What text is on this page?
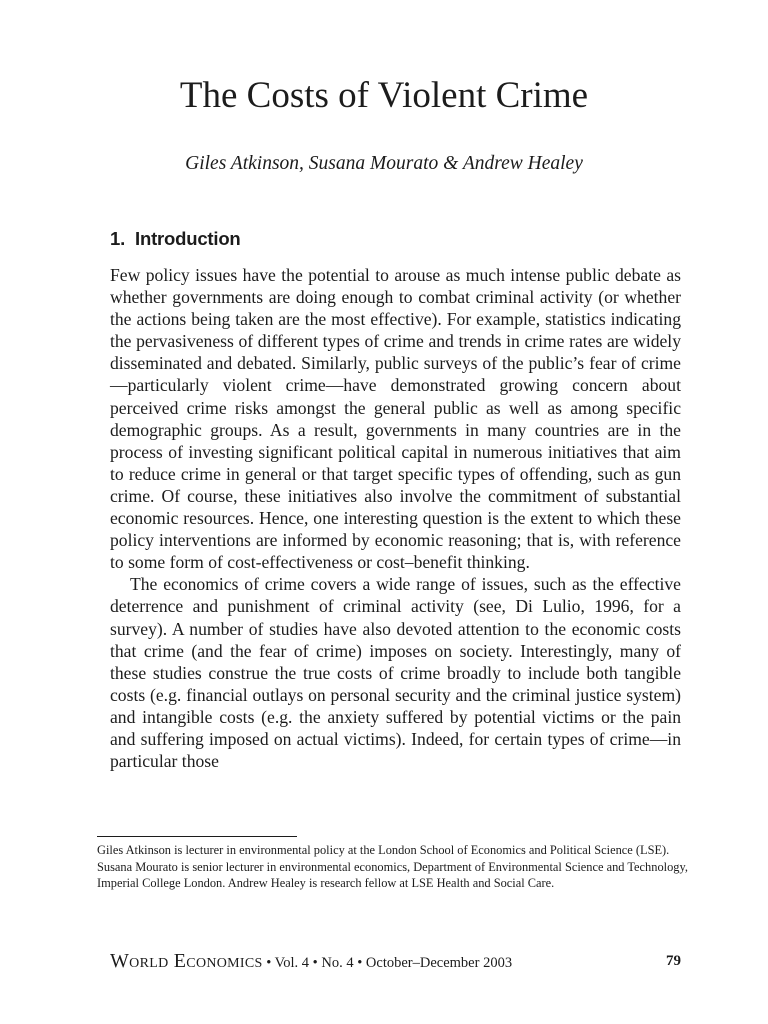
The Costs of Violent Crime

Giles Atkinson, Susana Mourato & Andrew Healey

1. Introduction

Few policy issues have the potential to arouse as much intense public debate as whether governments are doing enough to combat criminal activity (or whether the actions being taken are the most effective). For example, statistics indicating the pervasiveness of different types of crime and trends in crime rates are widely disseminated and debated. Similarly, public surveys of the public’s fear of crime—particularly violent crime—have demonstrated growing concern about perceived crime risks amongst the general public as well as among specific demographic groups. As a result, governments in many countries are in the process of investing significant political capital in numerous initiatives that aim to reduce crime in general or that target specific types of offending, such as gun crime. Of course, these initiatives also involve the commitment of substantial economic resources. Hence, one interesting question is the extent to which these policy interventions are informed by economic reasoning; that is, with reference to some form of cost-effectiveness or cost–benefit thinking.

The economics of crime covers a wide range of issues, such as the effective deterrence and punishment of criminal activity (see, Di Lulio, 1996, for a survey). A number of studies have also devoted attention to the economic costs that crime (and the fear of crime) imposes on society. Interestingly, many of these studies construe the true costs of crime broadly to include both tangible costs (e.g. financial outlays on personal security and the criminal justice system) and intangible costs (e.g. the anxiety suffered by potential victims or the pain and suffering imposed on actual victims). Indeed, for certain types of crime—in particular those

Giles Atkinson is lecturer in environmental policy at the London School of Economics and Political Science (LSE). Susana Mourato is senior lecturer in environmental economics, Department of Environmental Science and Technology, Imperial College London. Andrew Healey is research fellow at LSE Health and Social Care.

World Economics • Vol. 4 • No. 4 • October–December 2003	79
